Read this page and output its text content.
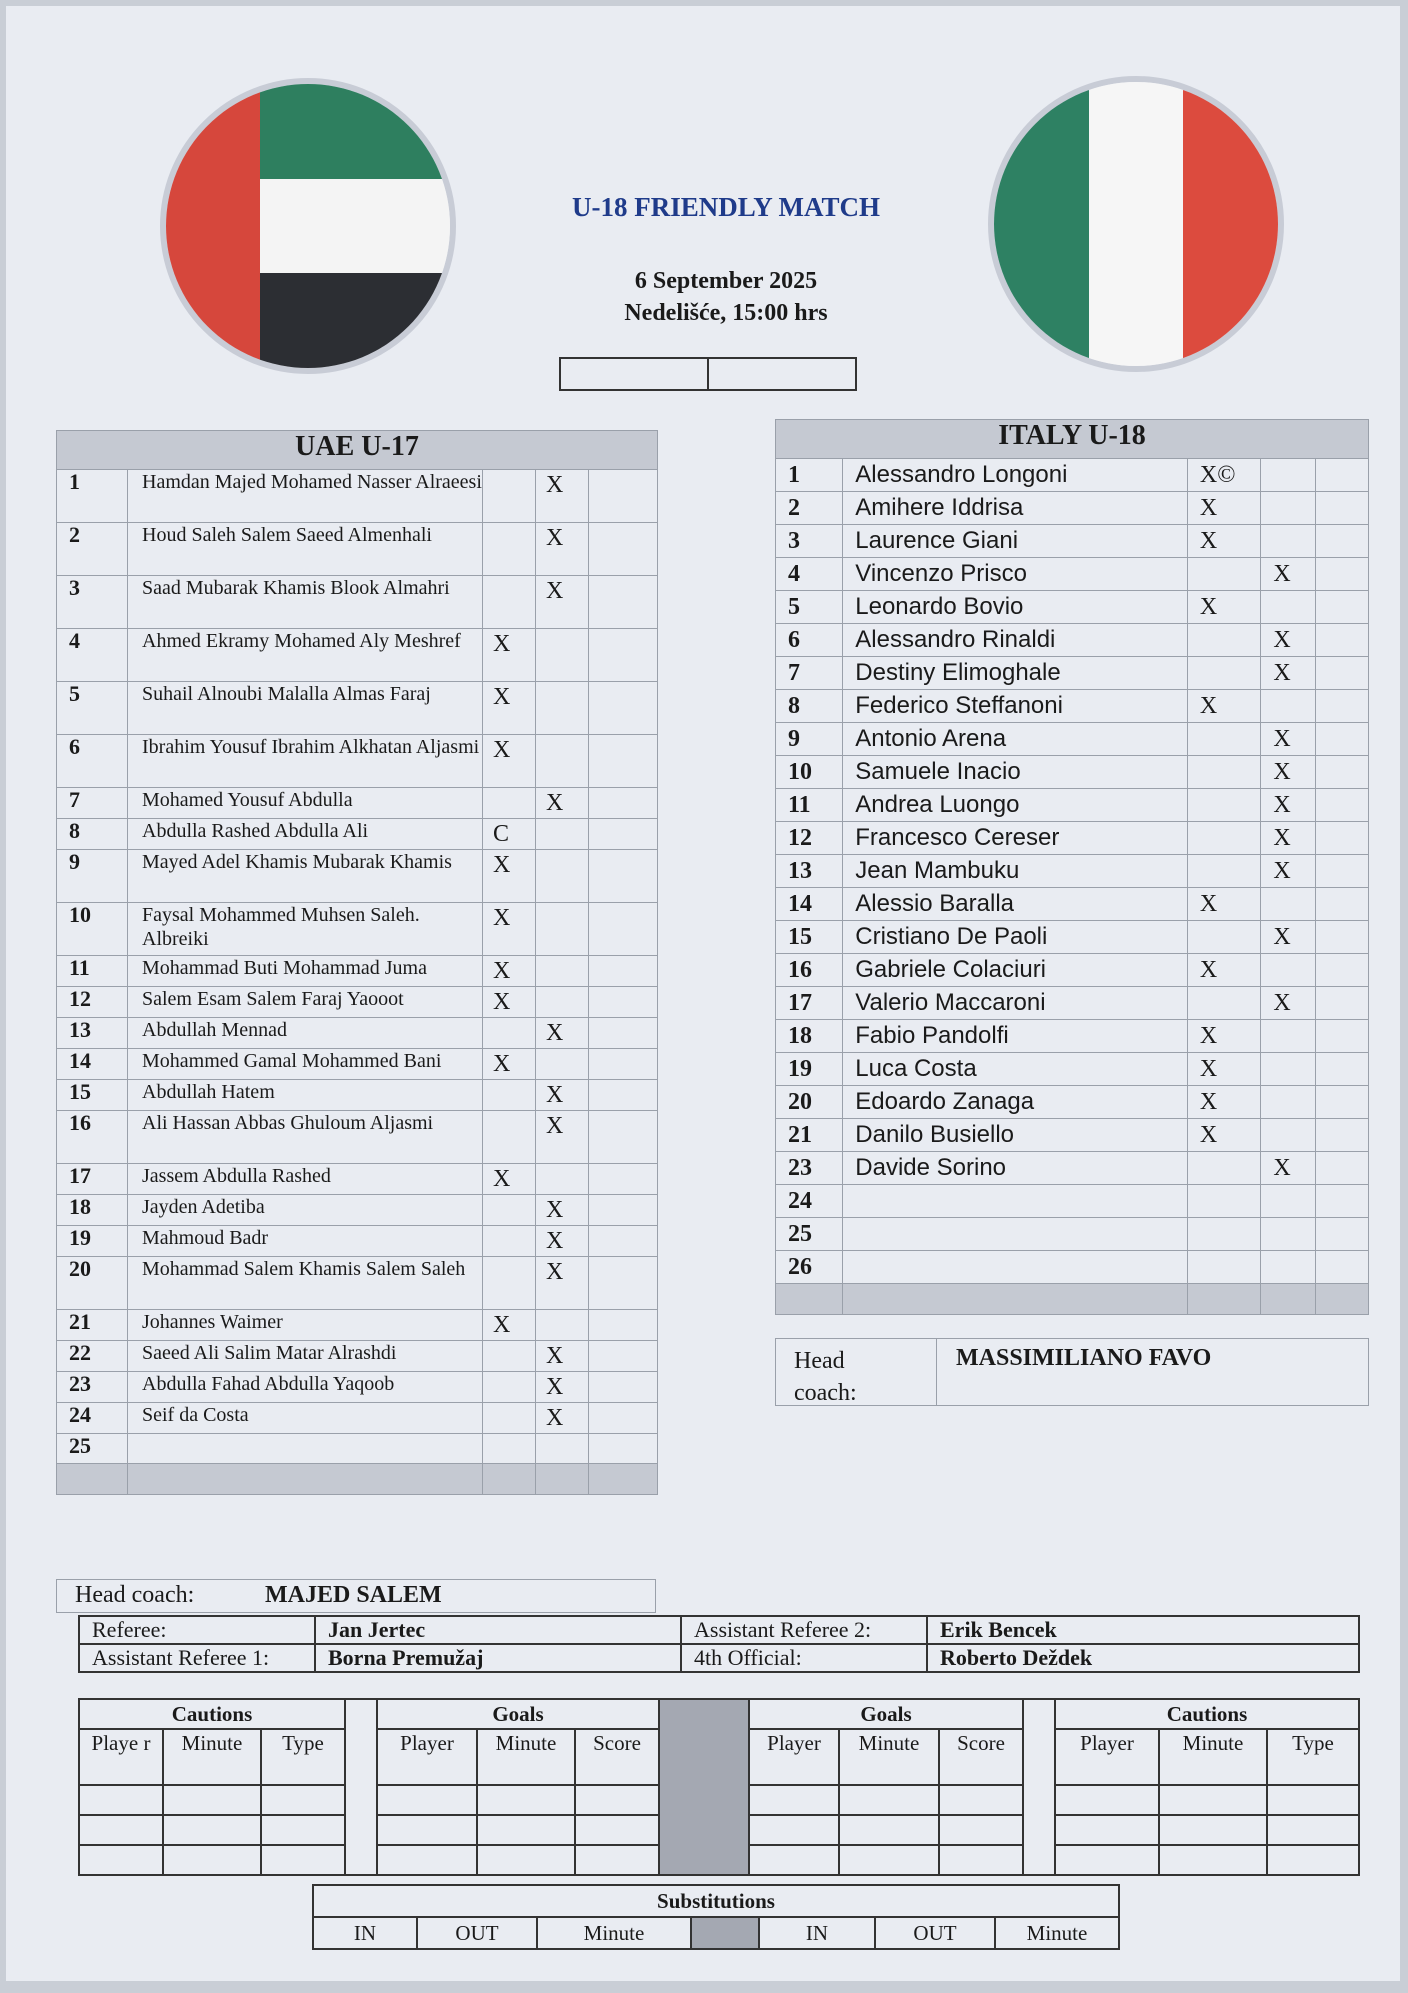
U-18 FRIENDLY MATCH
6 September 2025
Nedelišće, 15:00 hrs
UAE U-17				
1	Hamdan Majed Mohamed Nasser Alraeesi		X	
2	Houd Saleh Salem Saeed Almenhali		X	
3	Saad Mubarak Khamis Blook Almahri		X	
4	Ahmed Ekramy Mohamed Aly Meshref	X		
5	Suhail Alnoubi Malalla Almas Faraj	X		
6	Ibrahim Yousuf Ibrahim Alkhatan Aljasmi	X		
7	Mohamed Yousuf Abdulla		X	
8	Abdulla Rashed Abdulla Ali	C		
9	Mayed Adel Khamis Mubarak Khamis	X		
10	Faysal Mohammed Muhsen Saleh. Albreiki	X		
11	Mohammad Buti Mohammad Juma	X		
12	Salem Esam Salem Faraj Yaooot	X		
13	Abdullah Mennad		X	
14	Mohammed Gamal Mohammed Bani	X		
15	Abdullah Hatem		X	
16	Ali Hassan Abbas Ghuloum Aljasmi		X	
17	Jassem Abdulla Rashed	X		
18	Jayden Adetiba		X	
19	Mahmoud Badr		X	
20	Mohammad Salem Khamis Salem Saleh		X	
21	Johannes Waimer	X		
22	Saeed Ali Salim Matar Alrashdi		X	
23	Abdulla Fahad Abdulla Yaqoob		X	
24	Seif da Costa		X	
25				

Head coach:	MAJED SALEM
ITALY U-18				
1	Alessandro Longoni	X©		
2	Amihere Iddrisa	X		
3	Laurence Giani	X		
4	Vincenzo Prisco		X	
5	Leonardo Bovio	X		
6	Alessandro Rinaldi		X	
7	Destiny Elimoghale		X	
8	Federico Steffanoni	X		
9	Antonio Arena		X	
10	Samuele Inacio		X	
11	Andrea Luongo		X	
12	Francesco Cereser		X	
13	Jean Mambuku		X	
14	Alessio Baralla	X		
15	Cristiano De Paoli		X	
16	Gabriele Colaciuri	X		
17	Valerio Maccaroni		X	
18	Fabio Pandolfi	X		
19	Luca Costa	X		
20	Edoardo Zanaga	X		
21	Danilo Busiello	X		
23	Davide Sorino		X	
24				
25				
26				

Head coach:
MASSIMILIANO FAVO
Referee:	Jan Jertec	Assistant Referee 2:	Erik Bencek
Assistant Referee 1:	Borna Premužaj	4th Official:	Roberto Deždek
Cautions				Goals				Goals				Cautions		
Playe r	Minute	Type		Player	Minute	Score		Player	Minute	Score		Player	Minute	Type

Substitutions
IN	OUT	Minute		IN	OUT	Minute
